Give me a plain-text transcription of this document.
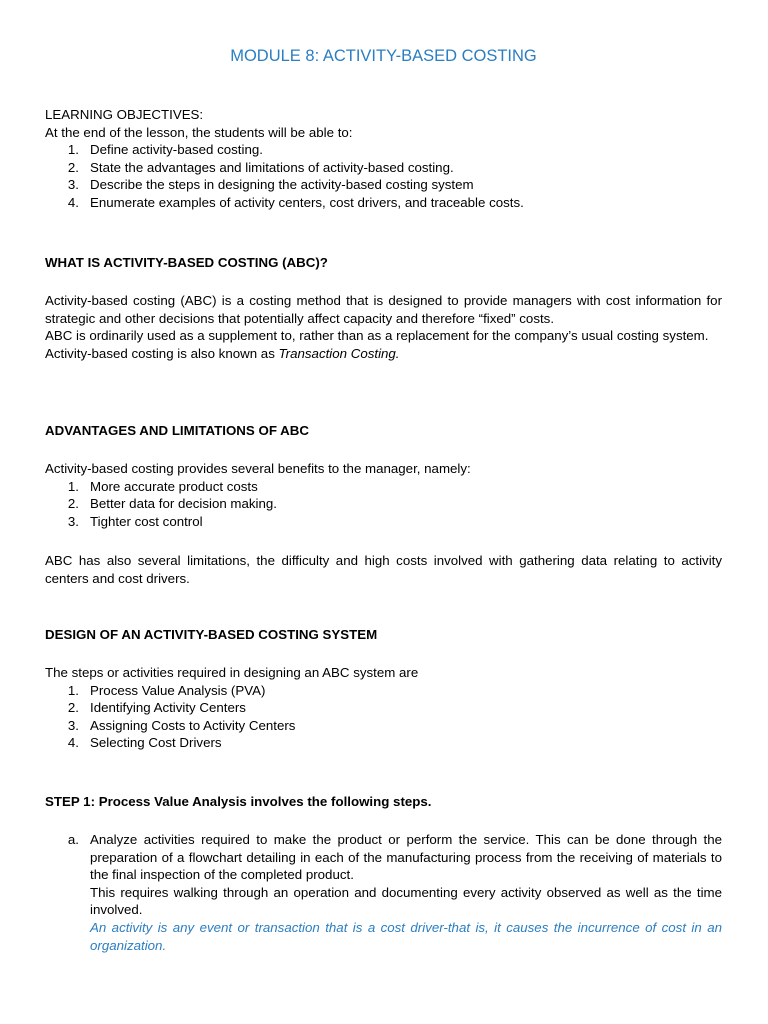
MODULE 8: ACTIVITY-BASED COSTING

LEARNING OBJECTIVES:

At the end of the lesson, the students will be able to:

1. Define activity-based costing.
2. State the advantages and limitations of activity-based costing.
3. Describe the steps in designing the activity-based costing system
4. Enumerate examples of activity centers, cost drivers, and traceable costs.
WHAT IS ACTIVITY-BASED COSTING (ABC)?

Activity-based costing (ABC) is a costing method that is designed to provide managers with cost information for strategic and other decisions that potentially affect capacity and therefore “fixed” costs.

ABC is ordinarily used as a supplement to, rather than as a replacement for the company’s usual costing system.

Activity-based costing is also known as Transaction Costing.

ADVANTAGES AND LIMITATIONS OF ABC

Activity-based costing provides several benefits to the manager, namely:

1. More accurate product costs
2. Better data for decision making.
3. Tighter cost control
ABC has also several limitations, the difficulty and high costs involved with gathering data relating to activity centers and cost drivers.
DESIGN OF AN ACTIVITY-BASED COSTING SYSTEM

The steps or activities required in designing an ABC system are

1. Process Value Analysis (PVA)
2. Identifying Activity Centers
3. Assigning Costs to Activity Centers
4. Selecting Cost Drivers
STEP 1: Process Value Analysis involves the following steps.
a. Analyze activities required to make the product or perform the service. This can be done through the preparation of a flowchart detailing in each of the manufacturing process from the receiving of materials to the final inspection of the completed product.

This requires walking through an operation and documenting every activity observed as well as the time involved.

An activity is any event or transaction that is a cost driver-that is, it causes the incurrence of cost in an organization.
